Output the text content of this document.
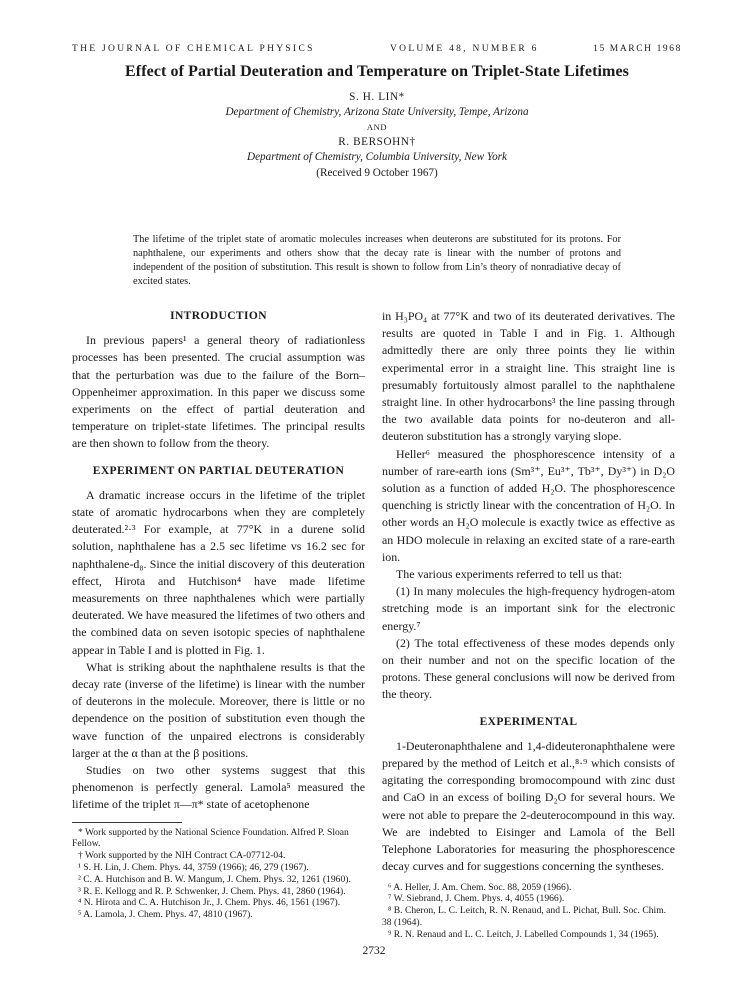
THE JOURNAL OF CHEMICAL PHYSICS	VOLUME 48, NUMBER 6	15 MARCH 1968

Effect of Partial Deuteration and Temperature on Triplet-State Lifetimes

S. H. LIN*

Department of Chemistry, Arizona State University, Tempe, Arizona

AND

R. BERSOHN†

Department of Chemistry, Columbia University, New York

(Received 9 October 1967)

The lifetime of the triplet state of aromatic molecules increases when deuterons are substituted for its protons. For naphthalene, our experiments and others show that the decay rate is linear with the number of protons and independent of the position of substitution. This result is shown to follow from Lin’s theory of nonradiative decay of excited states.

INTRODUCTION

In previous papers¹ a general theory of radiationless processes has been presented. The crucial assumption was that the perturbation was due to the failure of the Born–Oppenheimer approximation. In this paper we discuss some experiments on the effect of partial deuteration and temperature on triplet-state lifetimes. The principal results are then shown to follow from the theory.

EXPERIMENT ON PARTIAL DEUTERATION

A dramatic increase occurs in the lifetime of the triplet state of aromatic hydrocarbons when they are completely deuterated.²·³ For example, at 77°K in a durene solid solution, naphthalene has a 2.5 sec lifetime vs 16.2 sec for naphthalene-d₈. Since the initial discovery of this deuteration effect, Hirota and Hutchison⁴ have made lifetime measurements on three naphthalenes which were partially deuterated. We have measured the lifetimes of two others and the combined data on seven isotopic species of naphthalene appear in Table I and is plotted in Fig. 1.

What is striking about the naphthalene results is that the decay rate (inverse of the lifetime) is linear with the number of deuterons in the molecule. Moreover, there is little or no dependence on the position of substitution even though the wave function of the unpaired electrons is considerably larger at the α than at the β positions.

Studies on two other systems suggest that this phenomenon is perfectly general. Lamola⁵ measured the lifetime of the triplet π—π* state of acetophenone

* Work supported by the National Science Foundation. Alfred P. Sloan Fellow.
† Work supported by the NIH Contract CA-07712-04.
¹ S. H. Lin, J. Chem. Phys. 44, 3759 (1966); 46, 279 (1967).
² C. A. Hutchison and B. W. Mangum, J. Chem. Phys. 32, 1261 (1960).
³ R. E. Kellogg and R. P. Schwenker, J. Chem. Phys. 41, 2860 (1964).
⁴ N. Hirota and C. A. Hutchison Jr., J. Chem. Phys. 46, 1561 (1967).
⁵ A. Lamola, J. Chem. Phys. 47, 4810 (1967).

in H₃PO₄ at 77°K and two of its deuterated derivatives. The results are quoted in Table I and in Fig. 1. Although admittedly there are only three points they lie within experimental error in a straight line. This straight line is presumably fortuitously almost parallel to the naphthalene straight line. In other hydrocarbons³ the line passing through the two available data points for no-deuteron and all-deuteron substitution has a strongly varying slope.

Heller⁶ measured the phosphorescence intensity of a number of rare-earth ions (Sm³⁺, Eu³⁺, Tb³⁺, Dy³⁺) in D₂O solution as a function of added H₂O. The phosphorescence quenching is strictly linear with the concentration of H₂O. In other words an H₂O molecule is exactly twice as effective as an HDO molecule in relaxing an excited state of a rare-earth ion.

The various experiments referred to tell us that:

(1) In many molecules the high-frequency hydrogen-atom stretching mode is an important sink for the electronic energy.⁷

(2) The total effectiveness of these modes depends only on their number and not on the specific location of the protons. These general conclusions will now be derived from the theory.

EXPERIMENTAL

1-Deuteronaphthalene and 1,4-dideuteronaphthalene were prepared by the method of Leitch et al.,⁸·⁹ which consists of agitating the corresponding bromocompound with zinc dust and CaO in an excess of boiling D₂O for several hours. We were not able to prepare the 2-deuterocompound in this way. We are indebted to Eisinger and Lamola of the Bell Telephone Laboratories for measuring the phosphorescence decay curves and for suggestions concerning the syntheses.

⁶ A. Heller, J. Am. Chem. Soc. 88, 2059 (1966).
⁷ W. Siebrand, J. Chem. Phys. 4, 4055 (1966).
⁸ B. Cheron, L. C. Leitch, R. N. Renaud, and L. Pichat, Bull. Soc. Chim. 38 (1964).
⁹ R. N. Renaud and L. C. Leitch, J. Labelled Compounds 1, 34 (1965).
2732
